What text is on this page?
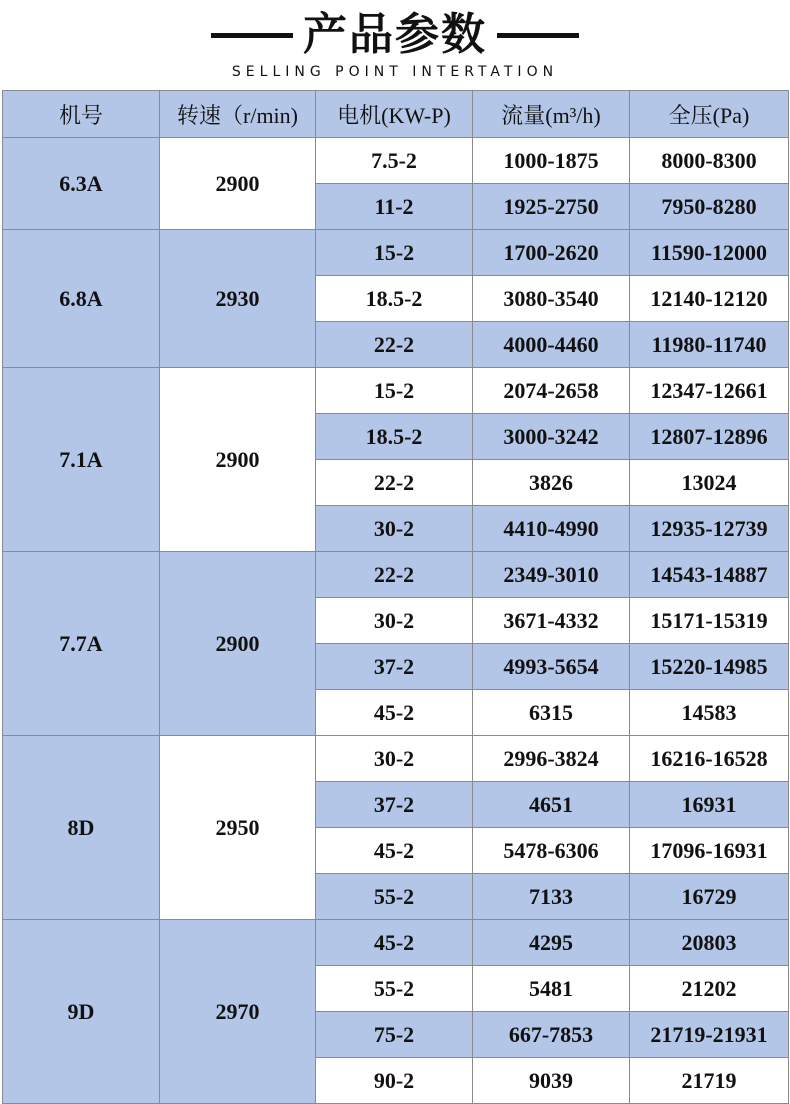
产品参数
SELLING POINT INTERTATION
机号	转速（r/min)	电机(KW-P)	流量(m³/h)	全压(Pa)
6.3A	2900	7.5-2	1000-1875	8000-8300
		11-2	1925-2750	7950-8280
6.8A	2930	15-2	1700-2620	11590-12000
		18.5-2	3080-3540	12140-12120
		22-2	4000-4460	11980-11740
7.1A	2900	15-2	2074-2658	12347-12661
		18.5-2	3000-3242	12807-12896
		22-2	3826	13024
		30-2	4410-4990	12935-12739
7.7A	2900	22-2	2349-3010	14543-14887
		30-2	3671-4332	15171-15319
		37-2	4993-5654	15220-14985
		45-2	6315	14583
8D	2950	30-2	2996-3824	16216-16528
		37-2	4651	16931
		45-2	5478-6306	17096-16931
		55-2	7133	16729
9D	2970	45-2	4295	20803
		55-2	5481	21202
		75-2	667-7853	21719-21931
		90-2	9039	21719
